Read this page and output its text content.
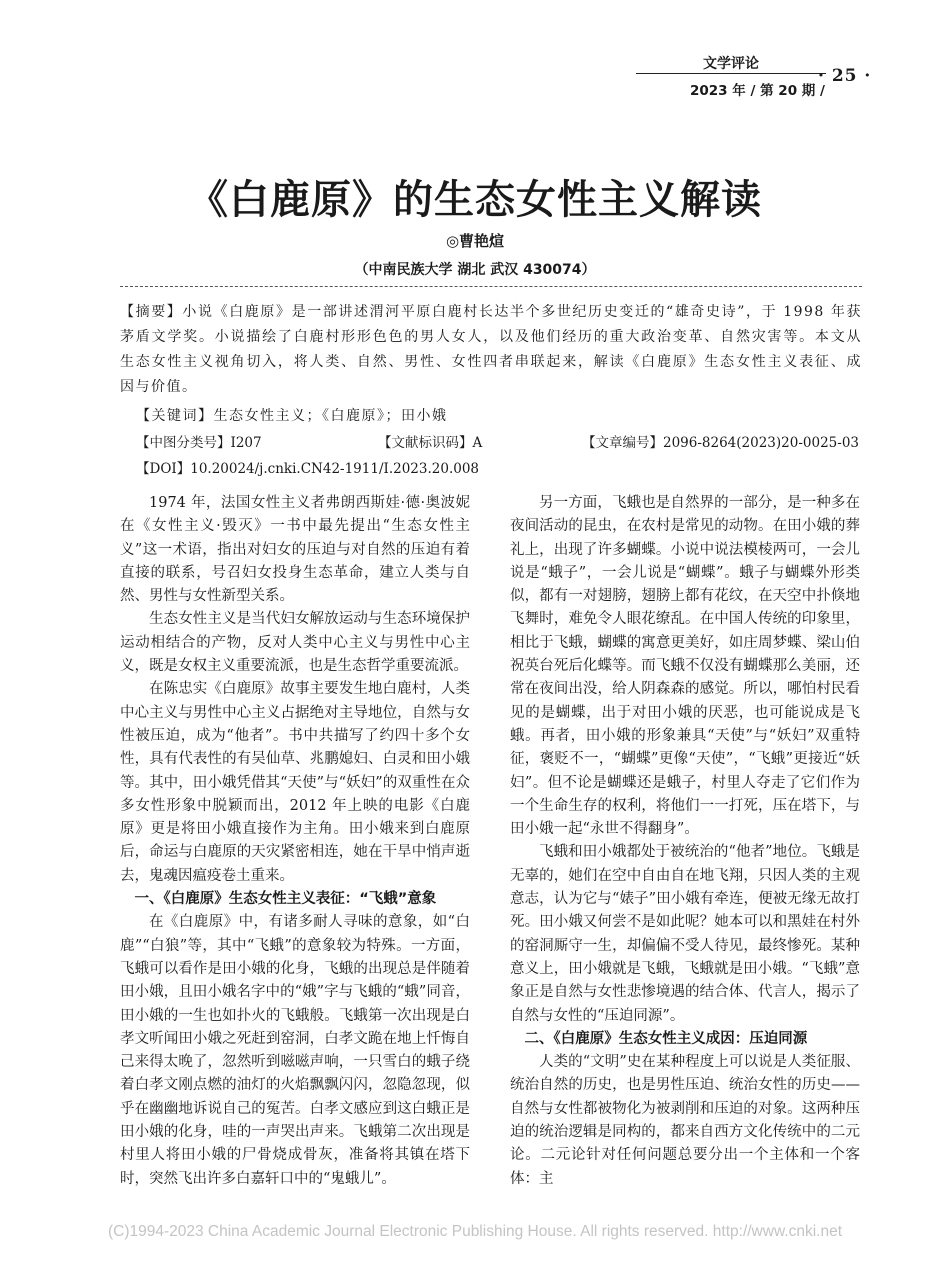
文学评论
· 25 ·
2023 年 / 第 20 期 /
《白鹿原》的生态女性主义解读
◎曹艳煊
（中南民族大学 湖北 武汉 430074）
【摘要】小说《白鹿原》是一部讲述渭河平原白鹿村长达半个多世纪历史变迁的“雄奇史诗”，于 1998 年获茅盾文学奖。小说描绘了白鹿村形形色色的男人女人，以及他们经历的重大政治变革、自然灾害等。本文从生态女性主义视角切入，将人类、自然、男性、女性四者串联起来，解读《白鹿原》生态女性主义表征、成因与价值。
【关键词】生态女性主义；《白鹿原》；田小娥
【中图分类号】I207	【文献标识码】A	【文章编号】2096-8264(2023)20-0025-03
【DOI】10.20024/j.cnki.CN42-1911/I.2023.20.008

1974 年，法国女性主义者弗朗西斯娃·德·奥波妮在《女性主义·毁灭》一书中最先提出“生态女性主义”这一术语，指出对妇女的压迫与对自然的压迫有着直接的联系，号召妇女投身生态革命，建立人类与自然、男性与女性新型关系。

生态女性主义是当代妇女解放运动与生态环境保护运动相结合的产物，反对人类中心主义与男性中心主义，既是女权主义重要流派，也是生态哲学重要流派。

在陈忠实《白鹿原》故事主要发生地白鹿村，人类中心主义与男性中心主义占据绝对主导地位，自然与女性被压迫，成为“他者”。书中共描写了约四十多个女性，具有代表性的有吴仙草、兆鹏媳妇、白灵和田小娥等。其中，田小娥凭借其“天使”与“妖妇”的双重性在众多女性形象中脱颖而出，2012 年上映的电影《白鹿原》更是将田小娥直接作为主角。田小娥来到白鹿原后，命运与白鹿原的天灾紧密相连，她在干旱中悄声逝去，鬼魂因瘟疫卷土重来。

一、《白鹿原》生态女性主义表征：“飞蛾”意象

在《白鹿原》中，有诸多耐人寻味的意象，如“白鹿”“白狼”等，其中“飞蛾”的意象较为特殊。一方面，飞蛾可以看作是田小娥的化身，飞蛾的出现总是伴随着田小娥，且田小娥名字中的“娥”字与飞蛾的“蛾”同音，田小娥的一生也如扑火的飞蛾般。飞蛾第一次出现是白孝文听闻田小娥之死赶到窑洞，白孝文跪在地上忏悔自己来得太晚了，忽然听到嗞嗞声响，一只雪白的蛾子绕着白孝文刚点燃的油灯的火焰飘飘闪闪，忽隐忽现，似乎在幽幽地诉说自己的冤苦。白孝文感应到这白蛾正是田小娥的化身，哇的一声哭出声来。飞蛾第二次出现是村里人将田小娥的尸骨烧成骨灰，准备将其镇在塔下时，突然飞出许多白嘉轩口中的“鬼蛾儿”。

另一方面，飞蛾也是自然界的一部分，是一种多在夜间活动的昆虫，在农村是常见的动物。在田小娥的葬礼上，出现了许多蝴蝶。小说中说法模棱两可，一会儿说是“蛾子”，一会儿说是“蝴蝶”。蛾子与蝴蝶外形类似，都有一对翅膀，翅膀上都有花纹，在天空中扑倏地飞舞时，难免令人眼花缭乱。在中国人传统的印象里，相比于飞蛾，蝴蝶的寓意更美好，如庄周梦蝶、梁山伯祝英台死后化蝶等。而飞蛾不仅没有蝴蝶那么美丽，还常在夜间出没，给人阴森森的感觉。所以，哪怕村民看见的是蝴蝶，出于对田小娥的厌恶，也可能说成是飞蛾。再者，田小娥的形象兼具“天使”与“妖妇”双重特征，褒贬不一，“蝴蝶”更像“天使”，“飞蛾”更接近“妖妇”。但不论是蝴蝶还是蛾子，村里人夺走了它们作为一个生命生存的权利，将他们一一打死，压在塔下，与田小娥一起“永世不得翻身”。

飞蛾和田小娥都处于被统治的“他者”地位。飞蛾是无辜的，她们在空中自由自在地飞翔，只因人类的主观意志，认为它与“婊子”田小娥有牵连，便被无缘无故打死。田小娥又何尝不是如此呢？她本可以和黑娃在村外的窑洞厮守一生，却偏偏不受人待见，最终惨死。某种意义上，田小娥就是飞蛾，飞蛾就是田小娥。“飞蛾”意象正是自然与女性悲惨境遇的结合体、代言人，揭示了自然与女性的“压迫同源”。

二、《白鹿原》生态女性主义成因：压迫同源

人类的“文明”史在某种程度上可以说是人类征服、统治自然的历史，也是男性压迫、统治女性的历史——自然与女性都被物化为被剥削和压迫的对象。这两种压迫的统治逻辑是同构的，都来自西方文化传统中的二元论。二元论针对任何问题总要分出一个主体和一个客体：主

(C)1994-2023 China Academic Journal Electronic Publishing House. All rights reserved. http://www.cnki.net
